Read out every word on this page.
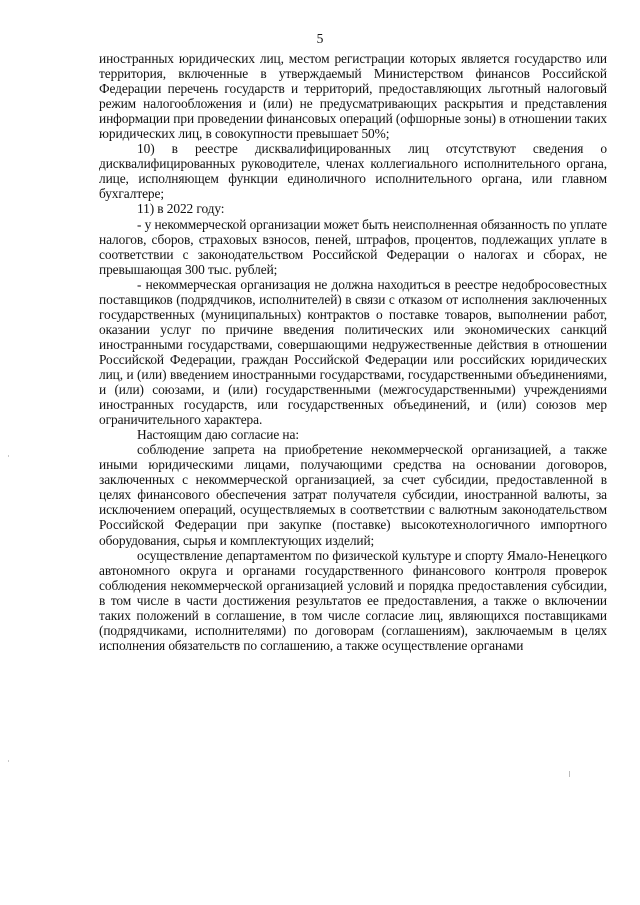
5

иностранных юридических лиц, местом регистрации которых является государство или территория, включенные в утверждаемый Министерством финансов Российской Федерации перечень государств и территорий, предоставляющих льготный налоговый режим налогообложения и (или) не предусматривающих раскрытия и представления информации при проведении финансовых операций (офшорные зоны) в отношении таких юридических лиц, в совокупности превышает 50%;

10) в реестре дисквалифицированных лиц отсутствуют сведения о дисквалифицированных руководителе, членах коллегиального исполнительного органа, лице, исполняющем функции единоличного исполнительного органа, или главном бухгалтере;

11) в 2022 году:

- у некоммерческой организации может быть неисполненная обязанность по уплате налогов, сборов, страховых взносов, пеней, штрафов, процентов, подлежащих уплате в соответствии с законодательством Российской Федерации о налогах и сборах, не превышающая 300 тыс. рублей;

- некоммерческая организация не должна находиться в реестре недобросовестных поставщиков (подрядчиков, исполнителей) в связи с отказом от исполнения заключенных государственных (муниципальных) контрактов о поставке товаров, выполнении работ, оказании услуг по причине введения политических или экономических санкций иностранными государствами, совершающими недружественные действия в отношении Российской Федерации, граждан Российской Федерации или российских юридических лиц, и (или) введением иностранными государствами, государственными объединениями, и (или) союзами, и (или) государственными (межгосударственными) учреждениями иностранных государств, или государственных объединений, и (или) союзов мер ограничительного характера.

Настоящим даю согласие на:

соблюдение запрета на приобретение некоммерческой организацией, а также иными юридическими лицами, получающими средства на основании договоров, заключенных с некоммерческой организацией, за счет субсидии, предоставленной в целях финансового обеспечения затрат получателя субсидии, иностранной валюты, за исключением операций, осуществляемых в соответствии с валютным законодательством Российской Федерации при закупке (поставке) высокотехнологичного импортного оборудования, сырья и комплектующих изделий;

осуществление департаментом по физической культуре и спорту Ямало-Ненецкого автономного округа и органами государственного финансового контроля проверок соблюдения некоммерческой организацией условий и порядка предоставления субсидии, в том числе в части достижения результатов ее предоставления, а также о включении таких положений в соглашение, в том числе согласие лиц, являющихся поставщиками (подрядчиками, исполнителями) по договорам (соглашениям), заключаемым в целях исполнения обязательств по соглашению, а также осуществление органами
